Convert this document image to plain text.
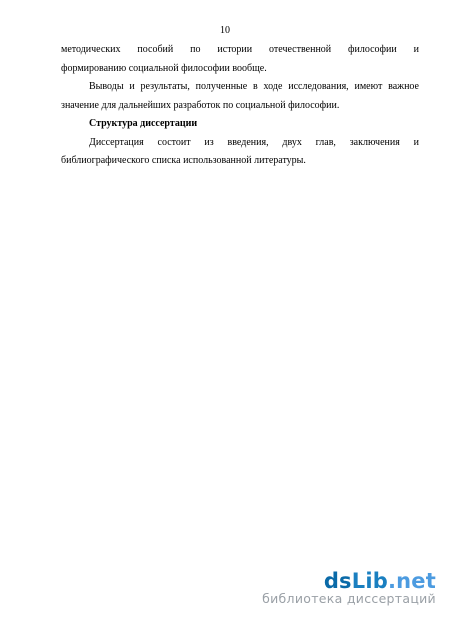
10

методических пособий по истории отечественной философии и

формированию социальной философии вообще.

Выводы и результаты, полученные в ходе исследования, имеют важное значение для дальнейших разработок по социальной философии.

Структура диссертации

Диссертация состоит из введения, двух глав, заключения и библиографического списка использованной литературы.

dsLib.net
библиотека диссертаций
